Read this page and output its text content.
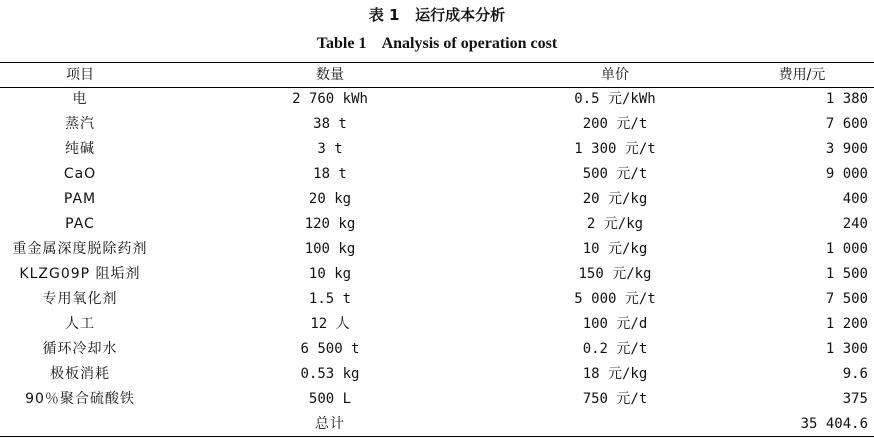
表 1   运行成本分析
Table 1    Analysis of operation cost
项目	数量	单价	费用/元
电	2 760 kWh	0.5 元/kWh	1 380
蒸汽	38 t	200 元/t	7 600
纯碱	3 t	1 300 元/t	3 900
CaO	18 t	500 元/t	9 000
PAM	20 kg	20 元/kg	400
PAC	120 kg	2 元/kg	240
重金属深度脱除药剂	100 kg	10 元/kg	1 000
KLZG09P 阻垢剂	10 kg	150 元/kg	1 500
专用氧化剂	1.5 t	5 000 元/t	7 500
人工	12 人	100 元/d	1 200
循环冷却水	6 500 t	0.2 元/t	1 300
极板消耗	0.53 kg	18 元/kg	9.6
90％聚合硫酸铁	500 L	750 元/t	375
	总计		35 404.6
